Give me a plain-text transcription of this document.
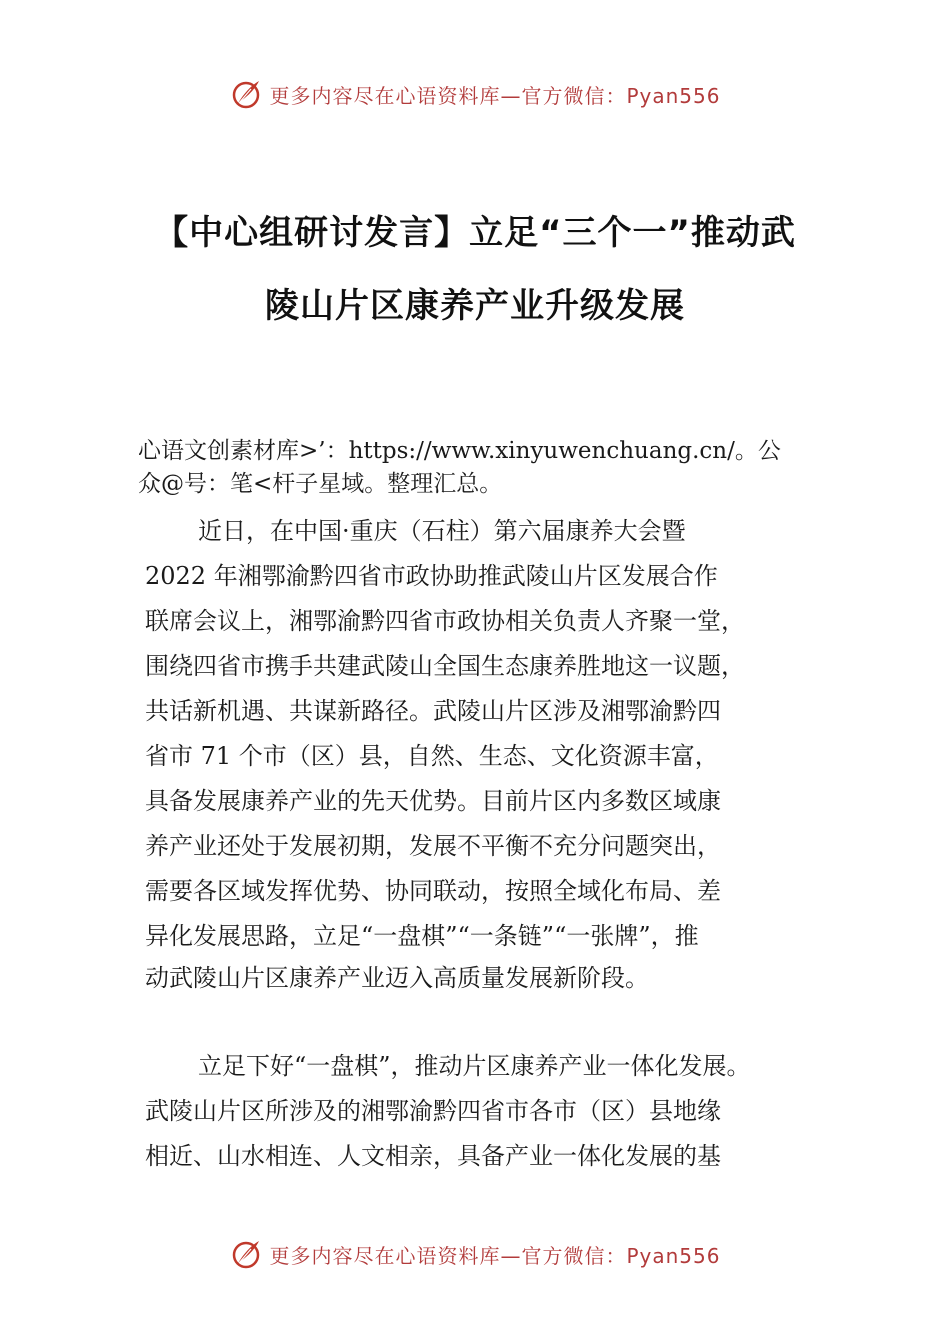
更多内容尽在心语资料库—官方微信：Pyan556
【中心组研讨发言】立足“三个一”推动武
陵山片区康养产业升级发展
心语文创素材库>’：https://www.xinyuwenchuang.cn/。公
众@号：笔<杆子星域。整理汇总。
近日，在中国·重庆（石柱）第六届康养大会暨
2022 年湘鄂渝黔四省市政协助推武陵山片区发展合作
联席会议上，湘鄂渝黔四省市政协相关负责人齐聚一堂，
围绕四省市携手共建武陵山全国生态康养胜地这一议题，
共话新机遇、共谋新路径。武陵山片区涉及湘鄂渝黔四
省市 71 个市（区）县，自然、生态、文化资源丰富，
具备发展康养产业的先天优势。目前片区内多数区域康
养产业还处于发展初期，发展不平衡不充分问题突出，
需要各区域发挥优势、协同联动，按照全域化布局、差
异化发展思路，立足“一盘棋”“一条链”“一张牌”，推
动武陵山片区康养产业迈入高质量发展新阶段。
立足下好“一盘棋”，推动片区康养产业一体化发展。
武陵山片区所涉及的湘鄂渝黔四省市各市（区）县地缘
相近、山水相连、人文相亲，具备产业一体化发展的基
更多内容尽在心语资料库—官方微信：Pyan556
